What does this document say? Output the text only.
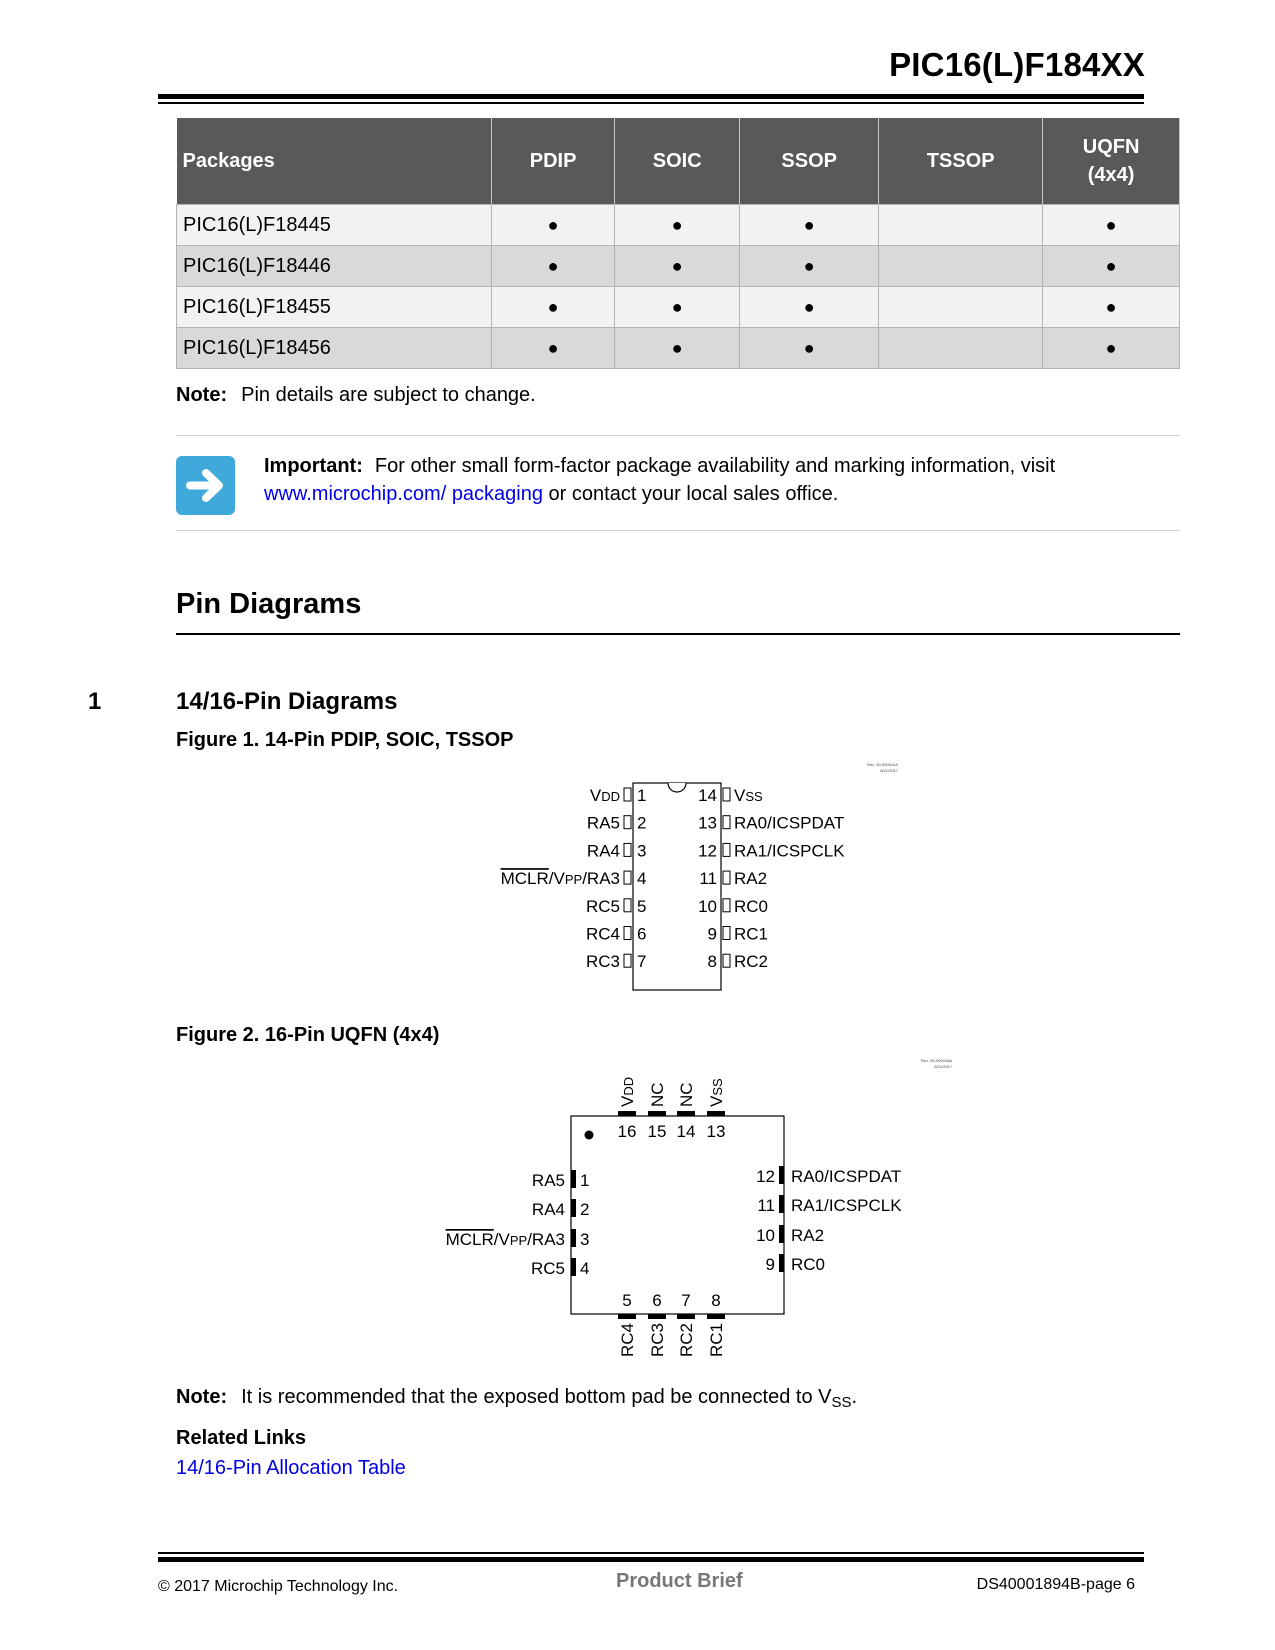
PIC16(L)F184XX
Packages	PDIP	SOIC	SSOP	TSSOP	UQFN (4x4)
PIC16(L)F18445	●	●	●		●
PIC16(L)F18446	●	●	●		●
PIC16(L)F18455	●	●	●		●
PIC16(L)F18456	●	●	●		●
Note: Pin details are subject to change.
Important: For other small form-factor package availability and marking information, visit
www.microchip.com/ packaging or contact your local sales office.
Pin Diagrams
1	14/16-Pin Diagrams
Figure 1. 14-Pin PDIP, SOIC, TSSOP
Rev. 00-000014A
6/21/2017
1
VDD
2
RA5
3
RA4
4
MCLR/VPP/RA3
5
RC5
6
RC4
7
RC3
14 VSS
13 RA0/ICSPDAT
12 RA1/ICSPCLK
11 RA2
10 RC0
9 RC1
8 RC2
Figure 2. 16-Pin UQFN (4x4)
Rev. 00-000018A
6/21/2017
16
VDD
15
NC
14
NC
13
VSS
1
RA5
2
RA4
3
MCLR/VPP/RA3
4
RC5
12 RA0/ICSPDAT
11 RA1/ICSPCLK
10 RA2
9 RC0
5
RC4
6
RC3
7
RC2
8
RC1
Note: It is recommended that the exposed bottom pad be connected to $V_{SS}$.
Related Links
14/16-Pin Allocation Table
© 2017 Microchip Technology Inc.	Product Brief	DS40001894B-page 6
